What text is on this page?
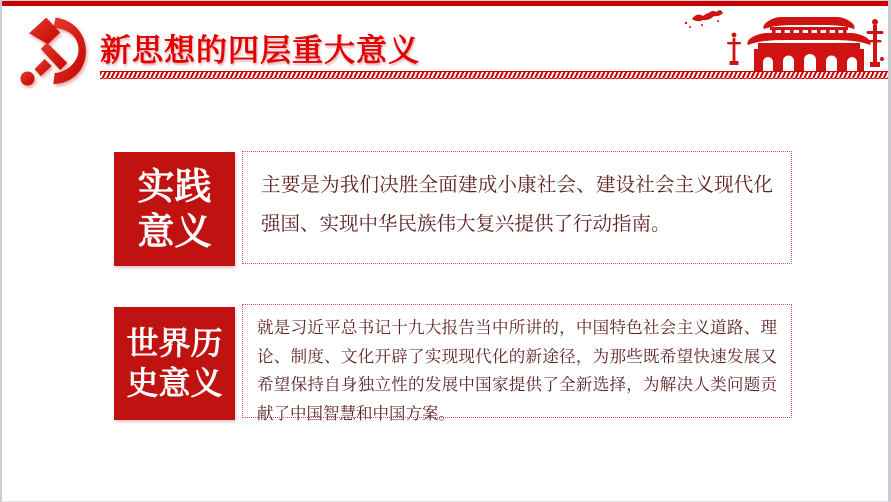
新思想的四层重大意义
实践
意义

主要是为我们决胜全面建成小康社会、建设社会主义现代化强国、实现中华民族伟大复兴提供了行动指南。

世界历
史意义

就是习近平总书记十九大报告当中所讲的，中国特色社会主义道路、理论、制度、文化开辟了实现现代化的新途径，为那些既希望快速发展又希望保持自身独立性的发展中国家提供了全新选择，为解决人类问题贡献了中国智慧和中国方案。
